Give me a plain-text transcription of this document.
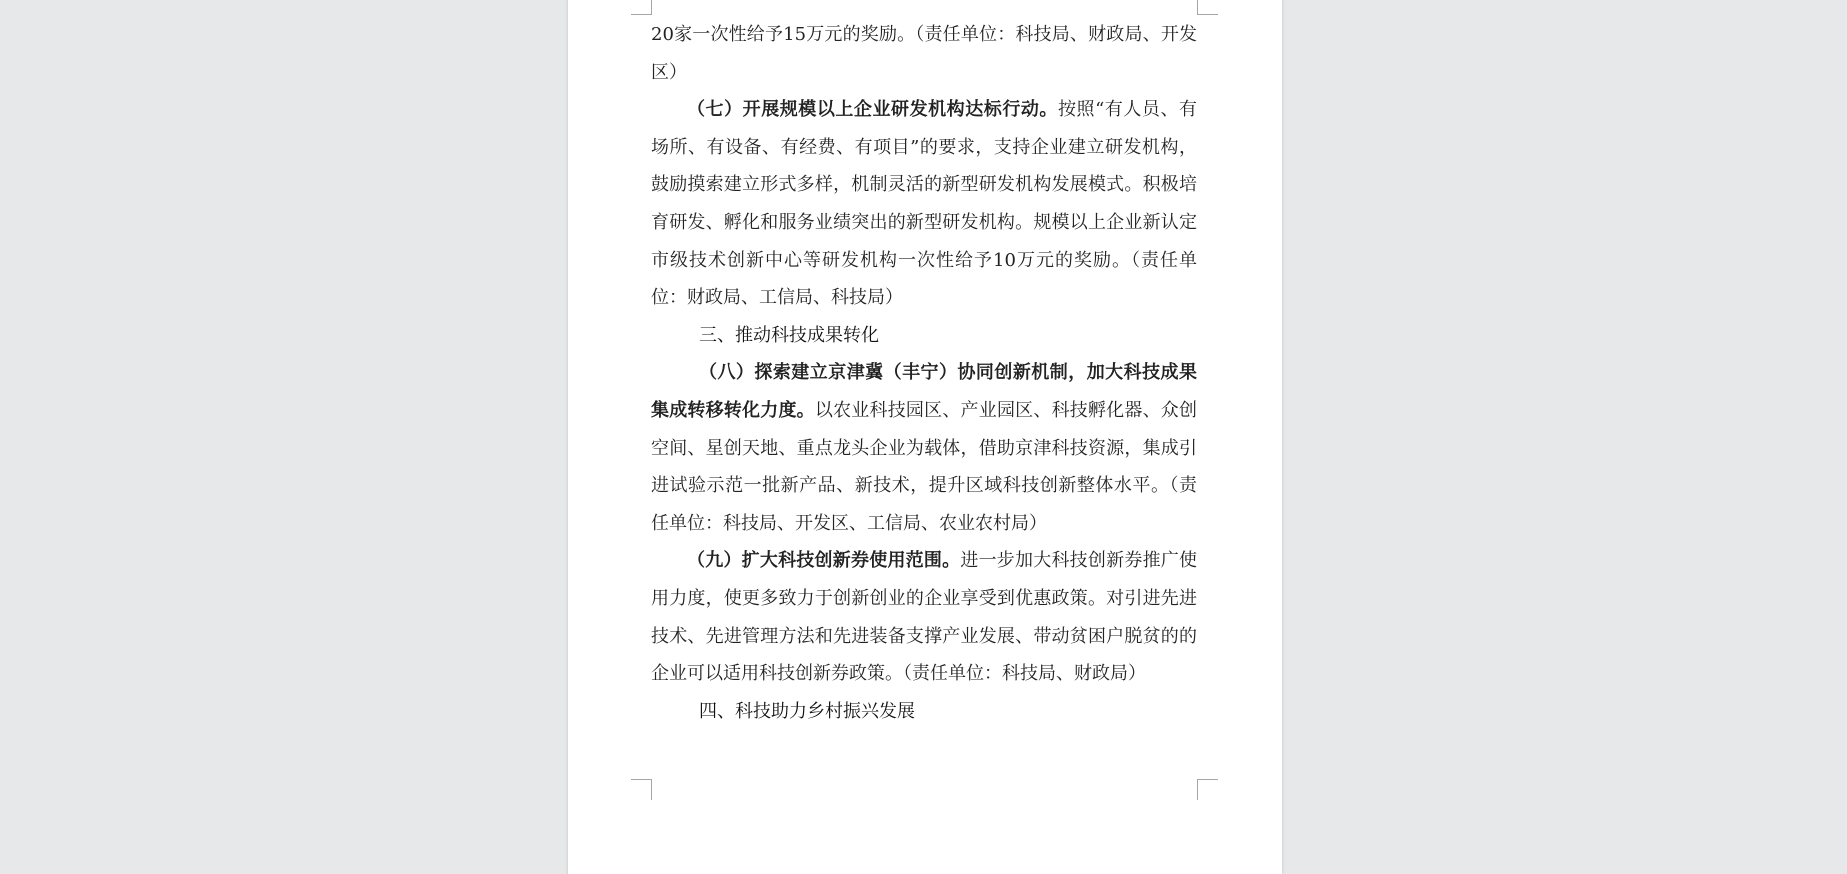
20家一次性给予15万元的奖励。（责任单位：科技局、财政局、开发区）

（七）开展规模以上企业研发机构达标行动。按照“有人员、有场所、有设备、有经费、有项目”的要求，支持企业建立研发机构，鼓励摸索建立形式多样，机制灵活的新型研发机构发展模式。积极培育研发、孵化和服务业绩突出的新型研发机构。规模以上企业新认定市级技术创新中心等研发机构一次性给予10万元的奖励。（责任单位：财政局、工信局、科技局）

三、推动科技成果转化

（八）探索建立京津冀（丰宁）协同创新机制，加大科技成果集成转移转化力度。以农业科技园区、产业园区、科技孵化器、众创空间、星创天地、重点龙头企业为载体，借助京津科技资源，集成引进试验示范一批新产品、新技术，提升区域科技创新整体水平。（责任单位：科技局、开发区、工信局、农业农村局）

（九）扩大科技创新券使用范围。进一步加大科技创新券推广使用力度，使更多致力于创新创业的企业享受到优惠政策。对引进先进技术、先进管理方法和先进装备支撑产业发展、带动贫困户脱贫的的企业可以适用科技创新券政策。（责任单位：科技局、财政局）

四、科技助力乡村振兴发展
